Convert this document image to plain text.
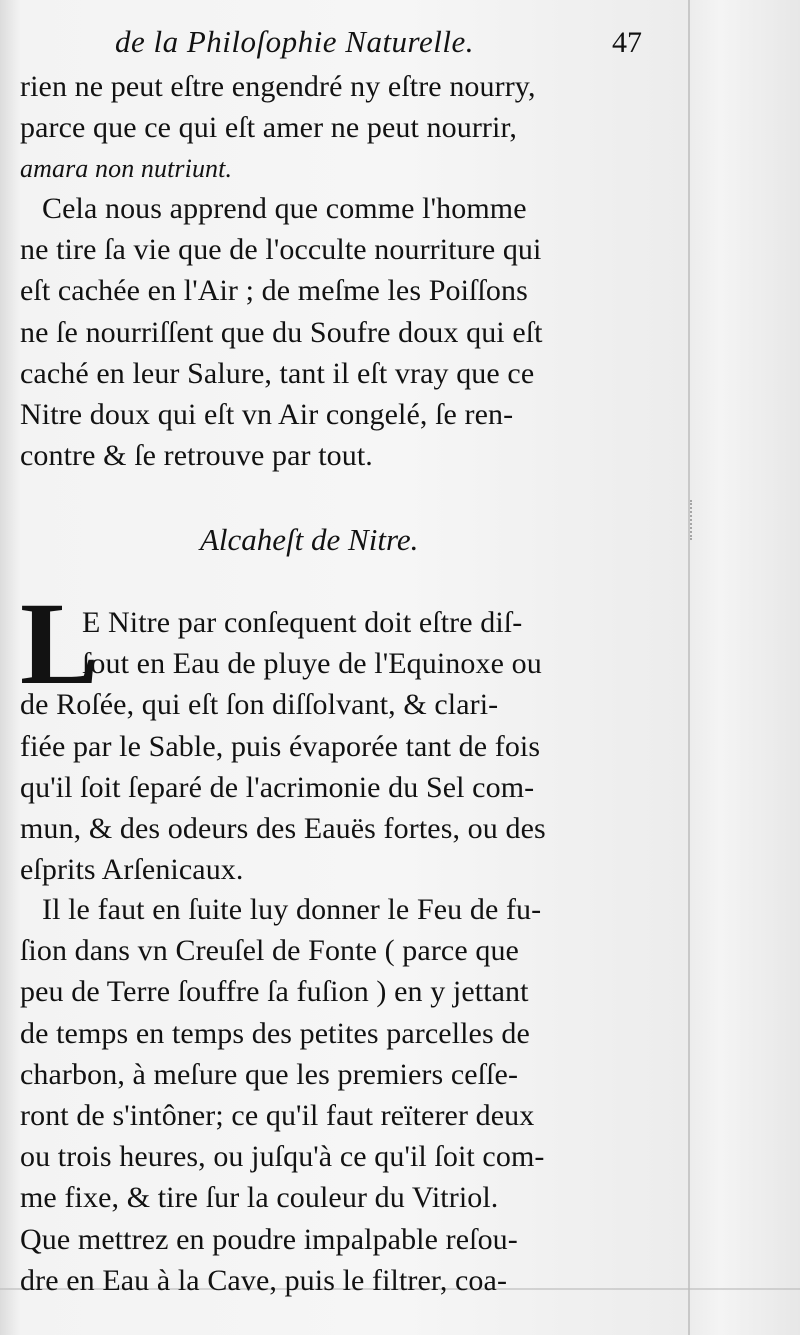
de la Philoſophie Naturelle.	47
rien ne peut eſtre engendré ny eſtre nourry,
parce que ce qui eſt amer ne peut nourrir,
amara non nutriunt.
Cela nous apprend que comme l'homme
ne tire ſa vie que de l'occulte nourriture qui
eſt cachée en l'Air ; de meſme les Poiſſons
ne ſe nourriſſent que du Soufre doux qui eſt
caché en leur Salure, tant il eſt vray que ce
Nitre doux qui eſt vn Air congelé, ſe ren-
contre & ſe retrouve par tout.
Alcaheſt de Nitre.
L
E Nitre par conſequent doit eſtre diſ-
ſout en Eau de pluye de l'Equinoxe ou
de Roſée, qui eſt ſon diſſolvant, & clari-
fiée par le Sable, puis évaporée tant de fois
qu'il ſoit ſeparé de l'acrimonie du Sel com-
mun, & des odeurs des Eauës fortes, ou des
eſprits Arſenicaux.
Il le faut en ſuite luy donner le Feu de fu-
ſion dans vn Creuſel de Fonte ( parce que
peu de Terre ſouffre ſa fuſion ) en y jettant
de temps en temps des petites parcelles de
charbon, à meſure que les premiers ceſſe-
ront de s'intôner; ce qu'il faut reïterer deux
ou trois heures, ou juſqu'à ce qu'il ſoit com-
me fixe, & tire ſur la couleur du Vitriol.
Que mettrez en poudre impalpable reſou-
dre en Eau à la Cave, puis le filtrer, coa-
